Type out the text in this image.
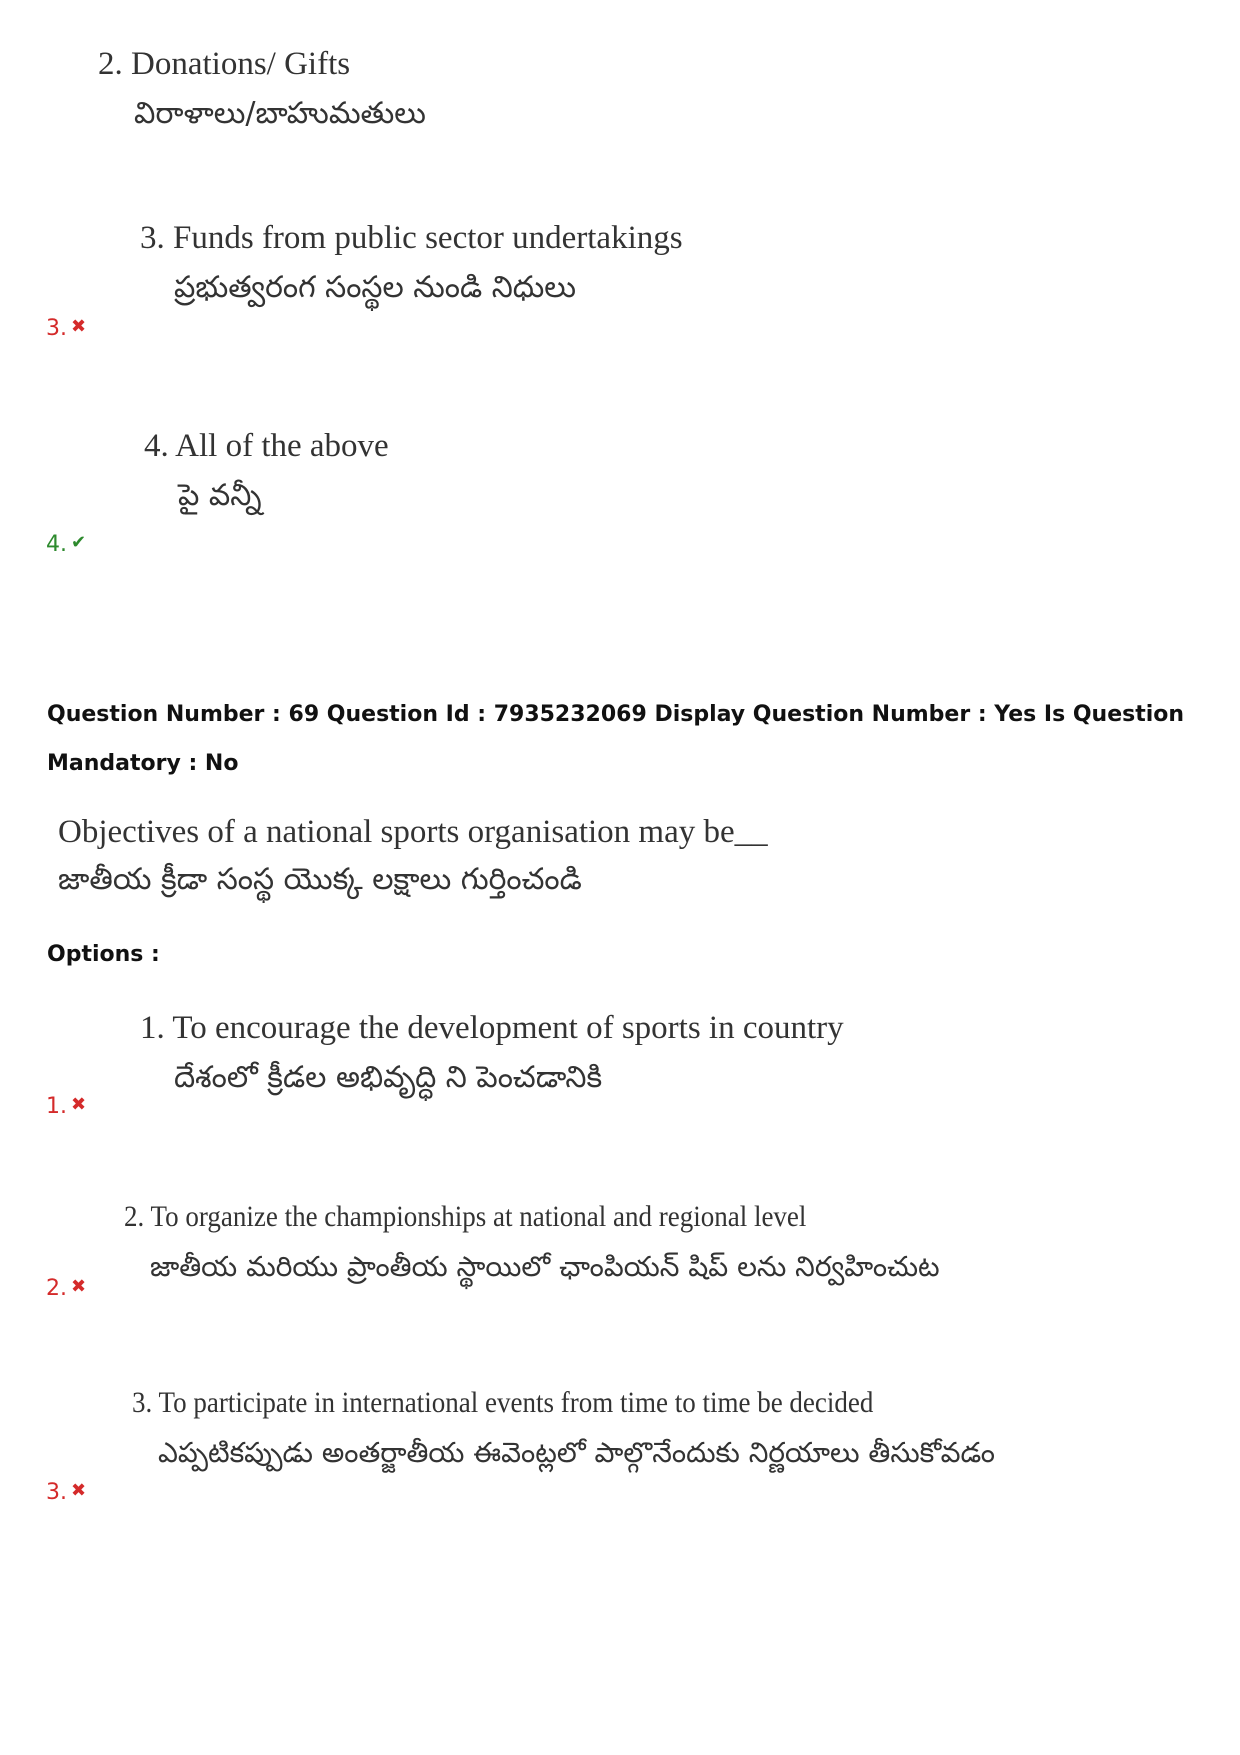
2. Donations/ Gifts
విరాళాలు/బాహుమతులు
3. Funds from public sector undertakings
ప్రభుత్వరంగ సంస్థల నుండి నిధులు
3. ✖
4. All of the above
పై వన్నీ
4. ✔
Question Number : 69 Question Id : 7935232069 Display Question Number : Yes Is Question
Mandatory : No
Objectives of a national sports organisation may be__
జాతీయ క్రీడా సంస్థ యొక్క లక్షాలు గుర్తించండి
Options :
1. To encourage the development of sports in country
దేశంలో క్రీడల అభివృద్ధి ని పెంచడానికి
1. ✖
2. To organize the championships at national and regional level
జాతీయ మరియు ప్రాంతీయ స్థాయిలో ఛాంపియన్ షిప్ లను నిర్వహించుట
2. ✖
3. To participate in international events from time to time be decided
ఎప్పటికప్పుడు అంతర్జాతీయ ఈవెంట్లలో పాల్గొనేందుకు నిర్ణయాలు తీసుకోవడం
3. ✖
